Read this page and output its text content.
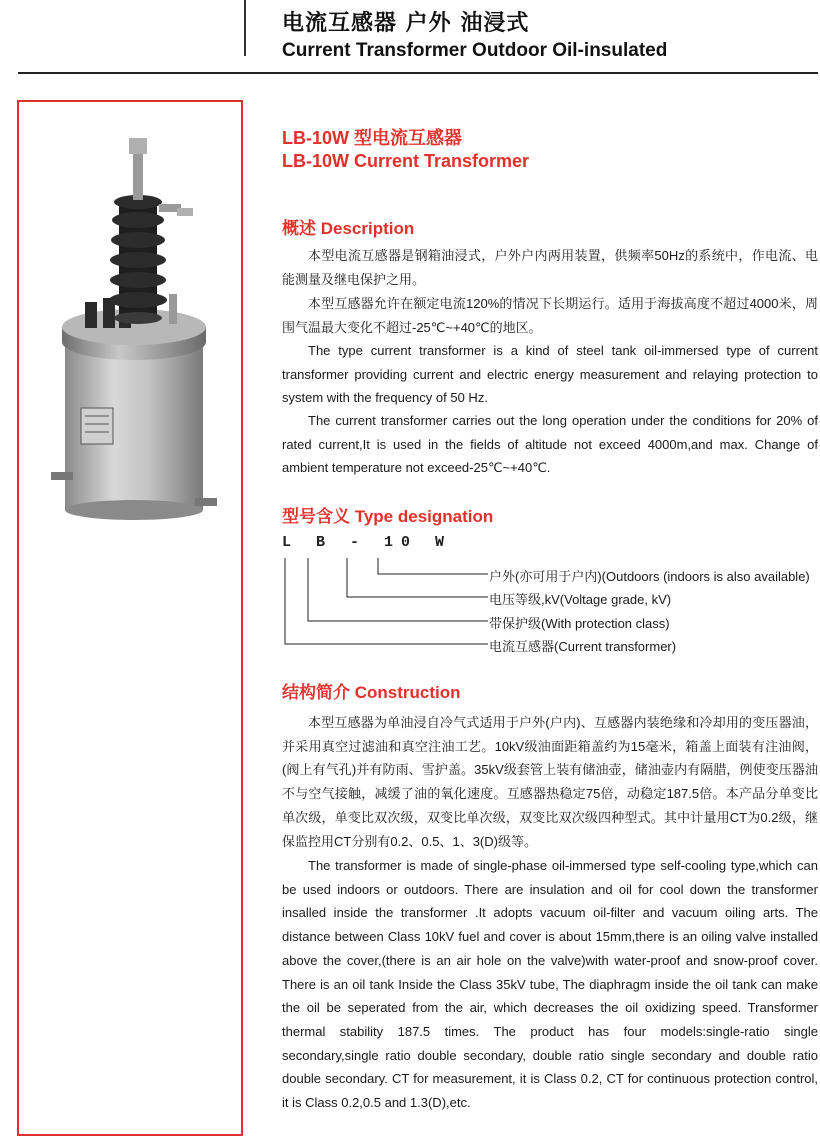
电流互感器 户外 油浸式
Current Transformer Outdoor Oil-insulated
LB-10W 型电流互感器
LB-10W Current Transformer
概述 Description

本型电流互感器是钢箱油浸式，户外户内两用装置，供频率50Hz的系统中，作电流、电能测量及继电保护之用。

本型互感器允许在额定电流120%的情况下长期运行。适用于海拔高度不超过4000米，周围气温最大变化不超过-25℃~+40℃的地区。

The type current transformer is a kind of steel tank oil-immersed type of current transformer providing current and electric energy measurement and relaying protection to system with the frequency of 50 Hz.

The current transformer carries out the long operation under the conditions for 20% of rated current,It is used in the fields of altitude not exceed 4000m,and max. Change of ambient temperature not exceed-25℃~+40℃.

型号含义 Type designation
L B - 10 W
户外(亦可用于户内)(Outdoors (indoors is also available)
电压等级,kV(Voltage grade, kV)
带保护级(With protection class)
电流互感器(Current transformer)
结构简介 Construction

本型互感器为单油浸自冷气式适用于户外(户内)、互感器内装绝缘和冷却用的变压器油，并采用真空过滤油和真空注油工艺。10kV级油面距箱盖约为15毫米，箱盖上面装有注油阀，(阀上有气孔)并有防雨、雪护盖。35kV级套管上装有储油壶，储油壶内有隔腊，例使变压器油不与空气接触，减缓了油的氧化速度。互感器热稳定75倍，动稳定187.5倍。本产品分单变比单次级，单变比双次级，双变比单次级，双变比双次级四种型式。其中计量用CT为0.2级，继保监控用CT分别有0.2、0.5、1、3(D)级等。

The transformer is made of single-phase oil-immersed type self-cooling type,which can be used indoors or outdoors. There are insulation and oil for cool down the transformer insalled inside the transformer .It adopts vacuum oil-filter and vacuum oiling arts. The distance between Class 10kV fuel and cover is about 15mm,there is an oiling valve installed above the cover,(there is an air hole on the valve)with water-proof and snow-proof cover. There is an oil tank Inside the Class 35kV tube, The diaphragm inside the oil tank can make the oil be seperated from the air, which decreases the oil oxidizing speed. Transformer thermal stability 187.5 times. The product has four models:single-ratio single secondary,single ratio double secondary, double ratio single secondary and double ratio double secondary. CT for measurement, it is Class 0.2, CT for continuous protection control, it is Class 0.2,0.5 and 1.3(D),etc.
